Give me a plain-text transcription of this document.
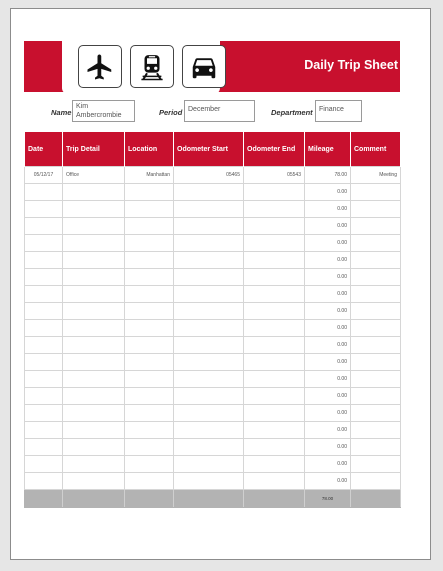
Daily Trip Sheet
Name
Kim Ambercrombie	Period December	Department Finance
Date	Trip Detail	Location	Odometer Start	Odometer End	Mileage	Comment
05/12/17	Office	Manhattan	05465	05543	78.00	Meeting
					0.00	
					0.00	
					0.00	
					0.00	
					0.00	
					0.00	
					0.00	
					0.00	
					0.00	
					0.00	
					0.00	
					0.00	
					0.00	
					0.00	
					0.00	
					0.00	
					0.00	
					0.00	
					78.00	
